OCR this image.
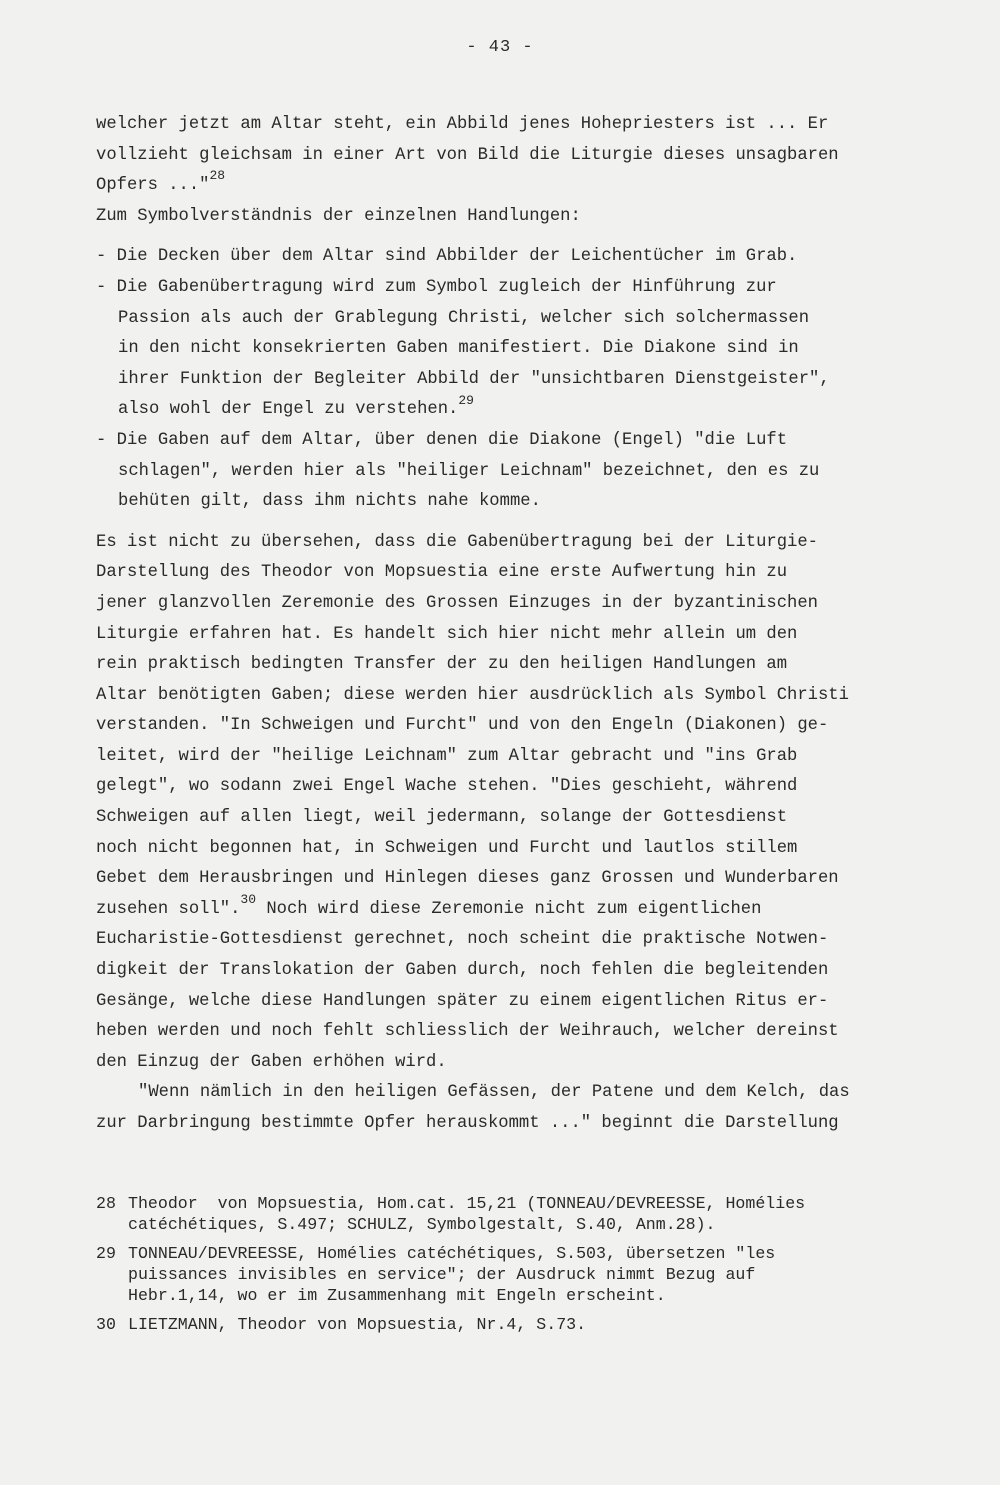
- 43 -
welcher jetzt am Altar steht, ein Abbild jenes Hohepriesters ist ... Er
vollzieht gleichsam in einer Art von Bild die Liturgie dieses unsagbaren
Opfers ..."$^{28}$
Zum Symbolverständnis der einzelnen Handlungen:
- Die Decken über dem Altar sind Abbilder der Leichentücher im Grab.
- Die Gabenübertragung wird zum Symbol zugleich der Hinführung zur
Passion als auch der Grablegung Christi, welcher sich solchermassen
in den nicht konsekrierten Gaben manifestiert. Die Diakone sind in
ihrer Funktion der Begleiter Abbild der "unsichtbaren Dienstgeister",
also wohl der Engel zu verstehen.$^{29}$
- Die Gaben auf dem Altar, über denen die Diakone (Engel) "die Luft
schlagen", werden hier als "heiliger Leichnam" bezeichnet, den es zu
behüten gilt, dass ihm nichts nahe komme.
Es ist nicht zu übersehen, dass die Gabenübertragung bei der Liturgie-
Darstellung des Theodor von Mopsuestia eine erste Aufwertung hin zu
jener glanzvollen Zeremonie des Grossen Einzuges in der byzantinischen
Liturgie erfahren hat. Es handelt sich hier nicht mehr allein um den
rein praktisch bedingten Transfer der zu den heiligen Handlungen am
Altar benötigten Gaben; diese werden hier ausdrücklich als Symbol Christi
verstanden. "In Schweigen und Furcht" und von den Engeln (Diakonen) ge-
leitet, wird der "heilige Leichnam" zum Altar gebracht und "ins Grab
gelegt", wo sodann zwei Engel Wache stehen. "Dies geschieht, während
Schweigen auf allen liegt, weil jedermann, solange der Gottesdienst
noch nicht begonnen hat, in Schweigen und Furcht und lautlos stillem
Gebet dem Herausbringen und Hinlegen dieses ganz Grossen und Wunderbaren
zusehen soll".$^{30}$ Noch wird diese Zeremonie nicht zum eigentlichen
Eucharistie-Gottesdienst gerechnet, noch scheint die praktische Notwen-
digkeit der Translokation der Gaben durch, noch fehlen die begleitenden
Gesänge, welche diese Handlungen später zu einem eigentlichen Ritus er-
heben werden und noch fehlt schliesslich der Weihrauch, welcher dereinst
den Einzug der Gaben erhöhen wird.
"Wenn nämlich in den heiligen Gefässen, der Patene und dem Kelch, das
zur Darbringung bestimmte Opfer herauskommt ..." beginnt die Darstellung
28 Theodor  von Mopsuestia, Hom.cat. 15,21 (TONNEAU/DEVREESSE, Homélies
catéchétiques, S.497; SCHULZ, Symbolgestalt, S.40, Anm.28).
29 TONNEAU/DEVREESSE, Homélies catéchétiques, S.503, übersetzen "les
puissances invisibles en service"; der Ausdruck nimmt Bezug auf
Hebr.1,14, wo er im Zusammenhang mit Engeln erscheint.
30 LIETZMANN, Theodor von Mopsuestia, Nr.4, S.73.
